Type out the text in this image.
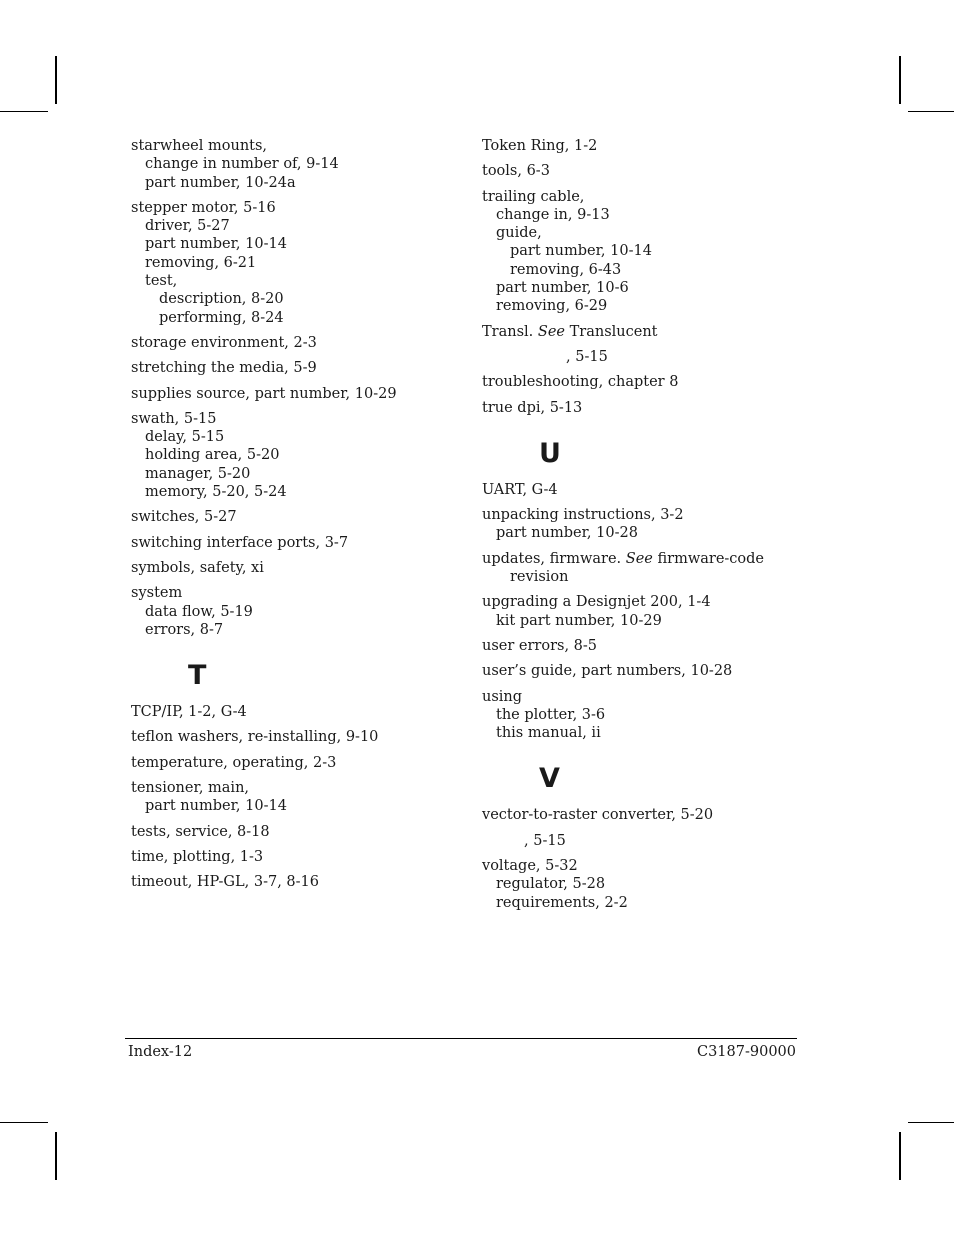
starwheel mounts,
change in number of, 9-14
part number, 10-24a
stepper motor, 5-16
driver, 5-27
part number, 10-14
removing, 6-21
test,
description, 8-20
performing, 8-24
storage environment, 2-3
stretching the media, 5-9
supplies source, part number, 10-29
swath, 5-15
delay, 5-15
holding area, 5-20
manager, 5-20
memory, 5-20, 5-24
switches, 5-27
switching interface ports, 3-7
symbols, safety, xi
system
data flow, 5-19
errors, 8-7
T
TCP/IP, 1-2, G-4
teflon washers, re-installing, 9-10
temperature, operating, 2-3
tensioner, main,
part number, 10-14
tests, service, 8-18
time, plotting, 1-3
timeout, HP-GL, 3-7, 8-16
Token Ring, 1-2
tools, 6-3
trailing cable,
change in, 9-13
guide,
part number, 10-14
removing, 6-43
part number, 10-6
removing, 6-29
Transl. See Translucent
, 5-15
troubleshooting, chapter 8
true dpi, 5-13
U
UART, G-4
unpacking instructions, 3-2
part number, 10-28
updates, firmware. See firmware-code
revision
upgrading a Designjet 200, 1-4
kit part number, 10-29
user errors, 8-5
user’s guide, part numbers, 10-28
using
the plotter, 3-6
this manual, ii
V
vector-to-raster converter, 5-20
, 5-15
voltage, 5-32
regulator, 5-28
requirements, 2-2
Index-12	C3187-90000
